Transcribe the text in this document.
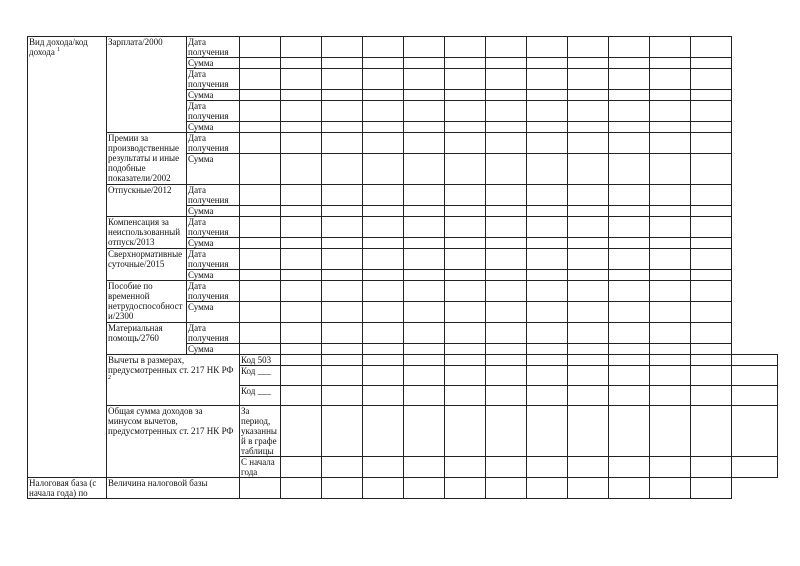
Вид дохода/код дохода $^1$	Зарплата/2000	Дата получения													
		Сумма													
		Дата получения													
		Сумма													
		Дата получения													
		Сумма													
	Премии за производственные результаты и иные подобные показатели/2002	Дата получения													
		Сумма													
	Отпускные/2012	Дата получения													
		Сумма													
	Компенсация за неиспользованный отпуск/2013	Дата получения													
		Сумма													
	Сверхнормативные суточные/2015	Дата получения													
		Сумма													
	Пособие по временной нетрудоспособности/2300	Дата получения													
		Сумма													
	Материальная помощь/2760	Дата получения													
		Сумма													
	Вычеты в размерах, предусмотренных ст. 217 НК РФ $^2$		Код 503												
			Код ___												
			Код ___												
	Общая сумма доходов за минусом вычетов, предусмотренных ст. 217 НК РФ		За период, указанный в графе таблицы												
			С начала года												
Налоговая база (с начала года) по	Величина налоговой базы														
